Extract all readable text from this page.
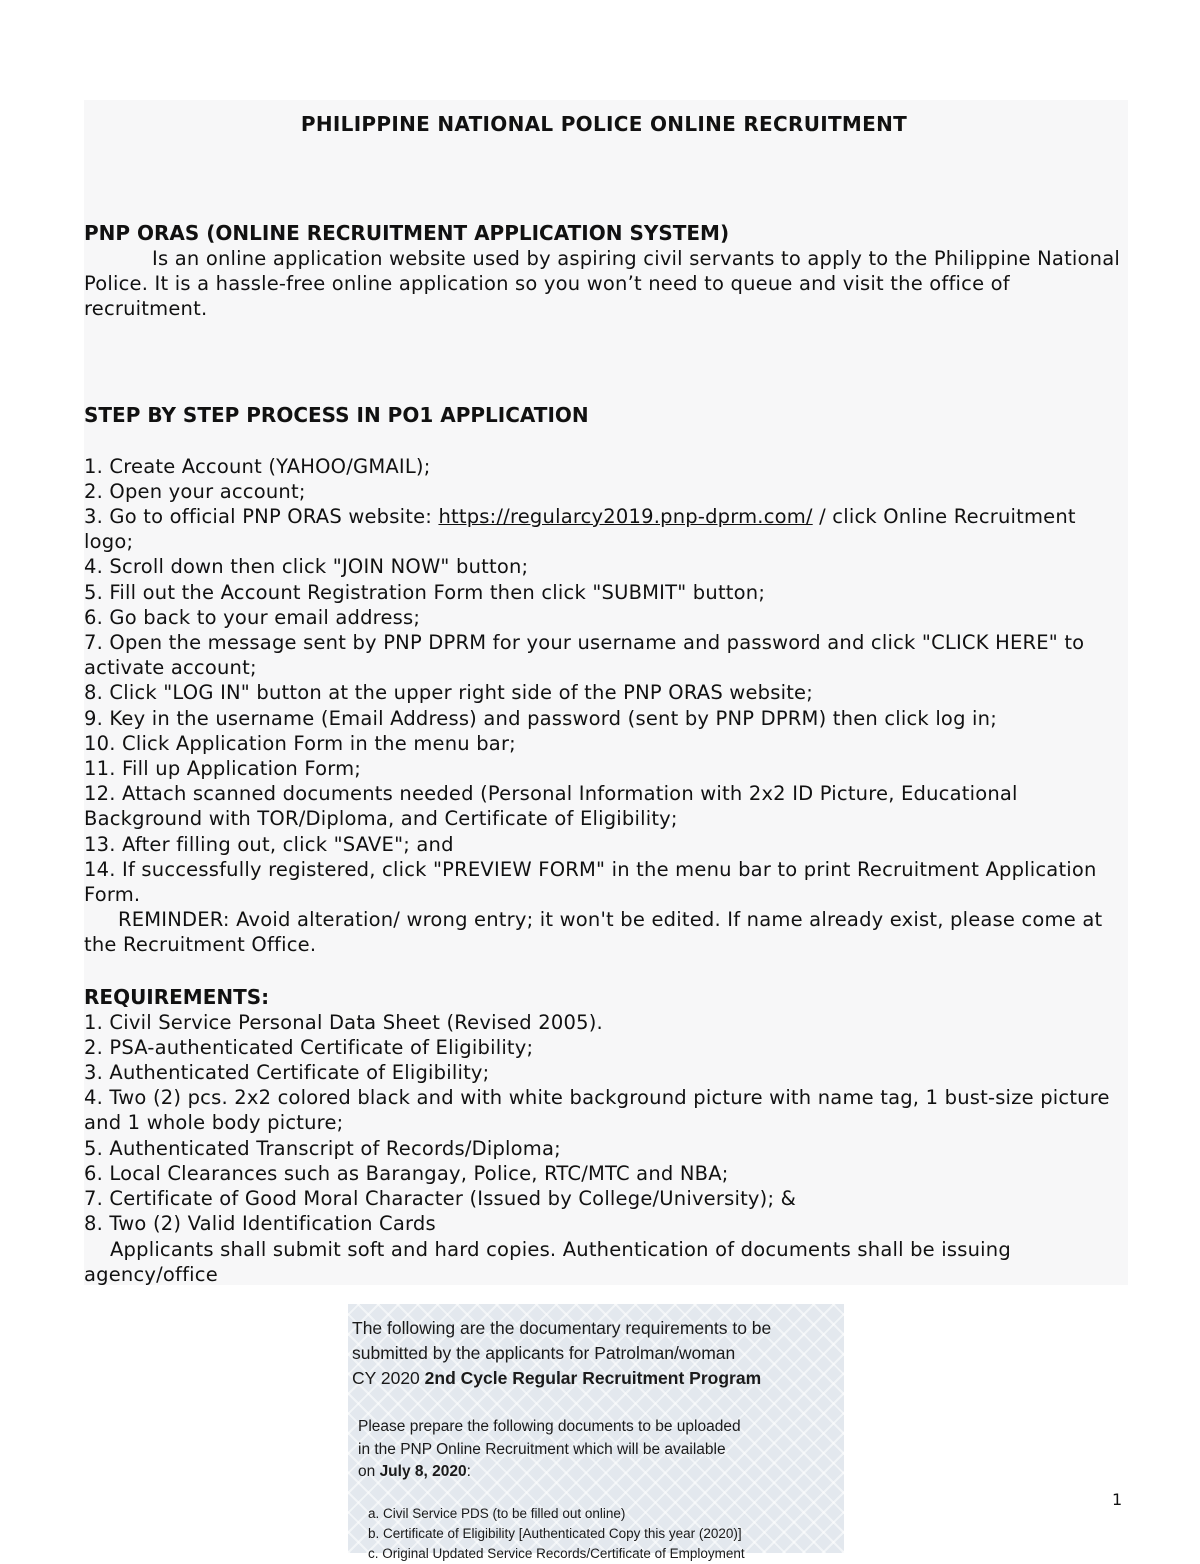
PHILIPPINE NATIONAL POLICE ONLINE RECRUITMENT
PNP ORAS (ONLINE RECRUITMENT APPLICATION SYSTEM)

Is an online application website used by aspiring civil servants to apply to the Philippine National Police. It is a hassle-free online application so you won’t need to queue and visit the office of recruitment.

STEP BY STEP PROCESS IN PO1 APPLICATION
1. Create Account (YAHOO/GMAIL);
2. Open your account;
3. Go to official PNP ORAS website: https://regularcy2019.pnp-dprm.com/ / click Online Recruitment logo;
4. Scroll down then click "JOIN NOW" button;
5. Fill out the Account Registration Form then click "SUBMIT" button;
6. Go back to your email address;
7. Open the message sent by PNP DPRM for your username and password and click "CLICK HERE" to activate account;
8. Click "LOG IN" button at the upper right side of the PNP ORAS website;
9. Key in the username (Email Address) and password (sent by PNP DPRM) then click log in;
10. Click Application Form in the menu bar;
11. Fill up Application Form;
12. Attach scanned documents needed (Personal Information with 2x2 ID Picture, Educational Background with TOR/Diploma, and Certificate of Eligibility;
13. After filling out, click "SAVE"; and
14. If successfully registered, click "PREVIEW FORM" in the menu bar to print Recruitment Application Form.

REMINDER: Avoid alteration/ wrong entry; it won't be edited. If name already exist, please come at the Recruitment Office.

REQUIREMENTS:
1. Civil Service Personal Data Sheet (Revised 2005).
2. PSA-authenticated Certificate of Eligibility;
3. Authenticated Certificate of Eligibility;
4. Two (2) pcs. 2x2 colored black and with white background picture with name tag, 1 bust-size picture and 1 whole body picture;
5. Authenticated Transcript of Records/Diploma;
6. Local Clearances such as Barangay, Police, RTC/MTC and NBA;
7. Certificate of Good Moral Character (Issued by College/University); &
8. Two (2) Valid Identification Cards

Applicants shall submit soft and hard copies. Authentication of documents shall be issuing agency/office

The following are the documentary requirements to be

submitted by the applicants for Patrolman/woman

CY 2020 2nd Cycle Regular Recruitment Program

Please prepare the following documents to be uploaded

in the PNP Online Recruitment which will be available

on July 8, 2020:

a. Civil Service PDS (to be filled out online)

b. Certificate of Eligibility [Authenticated Copy this year (2020)]

c. Original Updated Service Records/Certificate of Employment

1
